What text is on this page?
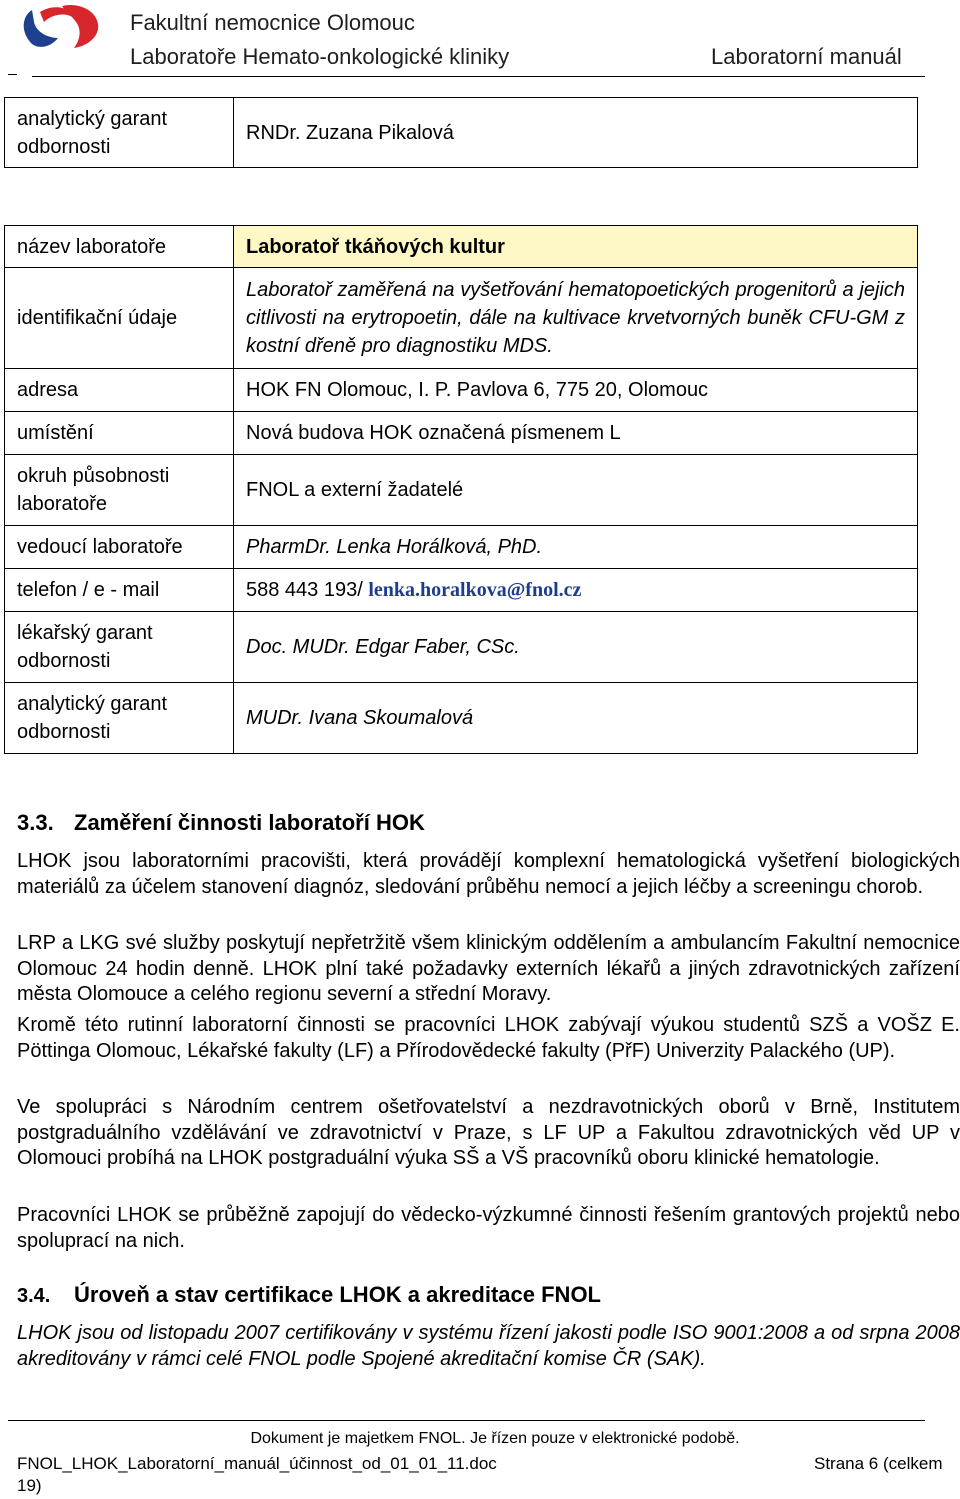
Fakultní nemocnice Olomouc
Laboratoře Hemato-onkologické kliniky	Laboratorní manuál
analytický garant odbornosti	RNDr. Zuzana Pikalová
název laboratoře	Laboratoř tkáňových kultur
identifikační údaje	Laboratoř zaměřená na vyšetřování hematopoetických progenitorů a jejich citlivosti na erytropoetin, dále na kultivace krvetvorných buněk CFU-GM z kostní dřeně pro diagnostiku MDS.
adresa	HOK FN Olomouc, I. P. Pavlova 6, 775 20, Olomouc
umístění	Nová budova HOK označená písmenem L
okruh působnosti laboratoře	FNOL a externí žadatelé
vedoucí laboratoře	PharmDr. Lenka Horálková, PhD.
telefon / e - mail	588 443 193/ lenka.horalkova@fnol.cz
lékařský garant odbornosti	Doc. MUDr. Edgar Faber, CSc.
analytický garant odbornosti	MUDr. Ivana Skoumalová
3.3. Zaměření činnosti laboratoří HOK
LHOK jsou laboratorními pracovišti, která provádějí komplexní hematologická vyšetření biologických materiálů za účelem stanovení diagnóz, sledování průběhu nemocí a jejich léčby a screeningu chorob.
LRP a LKG své služby poskytují nepřetržitě všem klinickým oddělením a ambulancím Fakultní nemocnice Olomouc 24 hodin denně. LHOK plní také požadavky externích lékařů a jiných zdravotnických zařízení města Olomouce a celého regionu severní a střední Moravy.
Kromě této rutinní laboratorní činnosti se pracovníci LHOK zabývají výukou studentů SZŠ a VOŠZ E. Pöttinga Olomouc, Lékařské fakulty (LF) a Přírodovědecké fakulty (PřF) Univerzity Palackého (UP).
Ve spolupráci s Národním centrem ošetřovatelství a nezdravotnických oborů v Brně, Institutem postgraduálního vzdělávání ve zdravotnictví v Praze, s LF UP a Fakultou zdravotnických věd UP v Olomouci probíhá na LHOK postgraduální výuka SŠ a VŠ pracovníků oboru klinické hematologie.
Pracovníci LHOK se průběžně zapojují do vědecko-výzkumné činnosti řešením grantových projektů nebo spoluprací na nich.
3.4. Úroveň a stav certifikace LHOK a akreditace FNOL
LHOK jsou od listopadu 2007 certifikovány v systému řízení jakosti podle ISO 9001:2008 a od srpna 2008 akreditovány v rámci celé FNOL podle Spojené akreditační komise ČR (SAK).
Dokument je majetkem FNOL. Je řízen pouze v elektronické podobě.
FNOL_LHOK_Laboratorní_manuál_účinnost_od_01_01_11.doc	Strana 6 (celkem
19)
